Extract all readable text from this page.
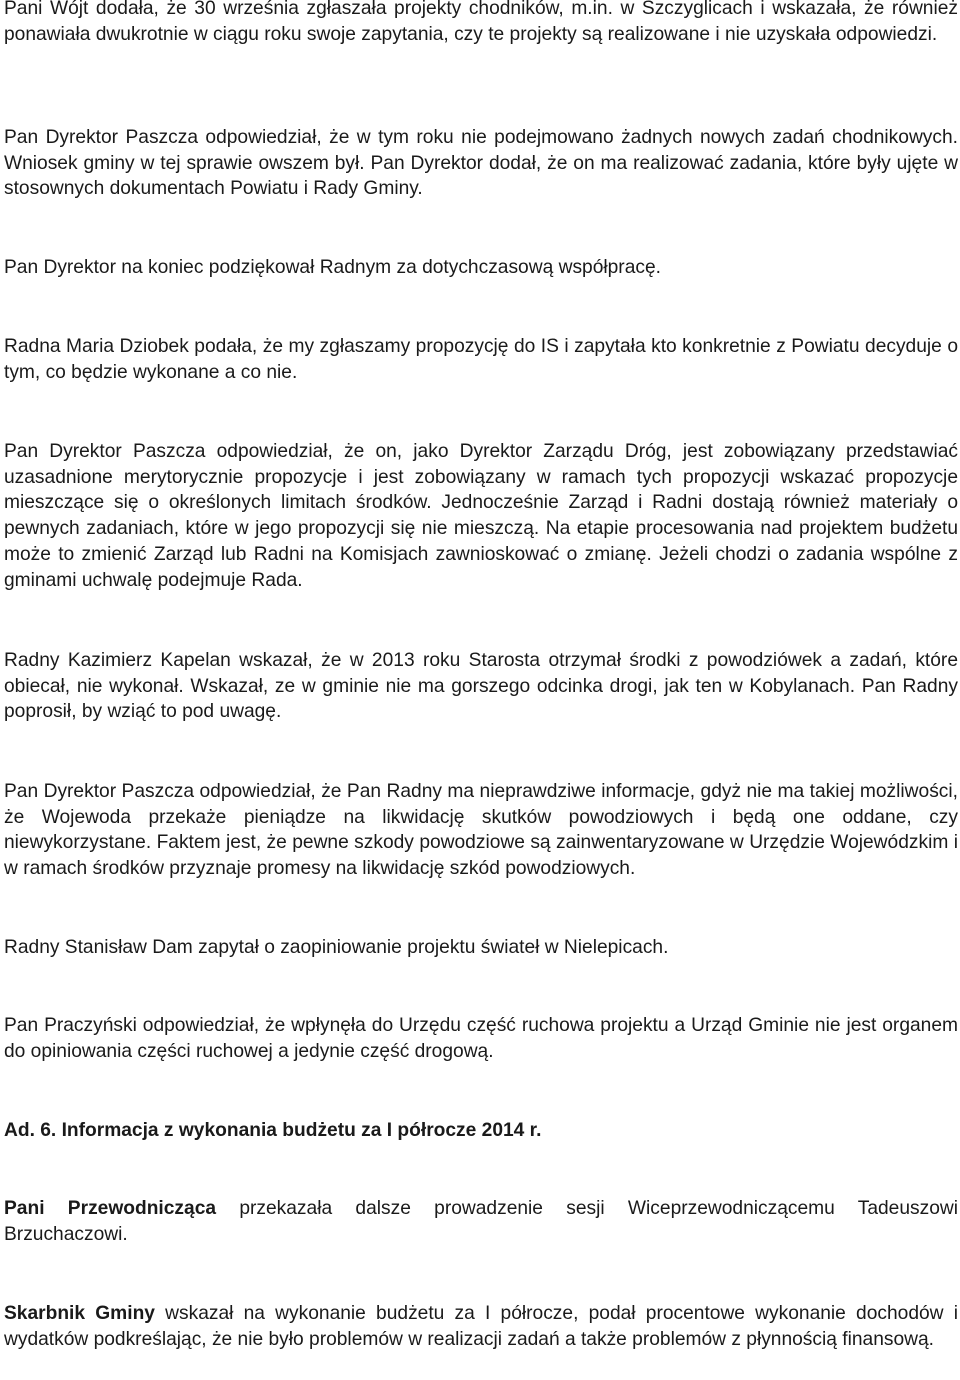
Pani Wójt dodała, że 30 września zgłaszała projekty chodników, m.in. w Szczyglicach i wskazała, że również ponawiała dwukrotnie w ciągu roku swoje zapytania, czy te projekty są realizowane i nie uzyskała odpowiedzi.

Pan Dyrektor Paszcza odpowiedział, że w tym roku nie podejmowano żadnych nowych zadań chodnikowych. Wniosek gminy w tej sprawie owszem był. Pan Dyrektor dodał, że on ma realizować zadania, które były ujęte w stosownych dokumentach Powiatu i Rady Gminy.

Pan Dyrektor na koniec podziękował Radnym za dotychczasową współpracę.

Radna Maria Dziobek podała, że my zgłaszamy propozycję do IS i zapytała kto konkretnie z Powiatu decyduje o tym, co będzie wykonane a co nie.

Pan Dyrektor Paszcza odpowiedział, że on, jako Dyrektor Zarządu Dróg, jest zobowiązany przedstawiać uzasadnione merytorycznie propozycje i jest zobowiązany w ramach tych propozycji wskazać propozycje mieszczące się o określonych limitach środków. Jednocześnie Zarząd i Radni dostają również materiały o pewnych zadaniach, które w jego propozycji się nie mieszczą. Na etapie procesowania nad projektem budżetu może to zmienić Zarząd lub Radni na Komisjach zawnioskować o zmianę. Jeżeli chodzi o zadania wspólne z gminami uchwalę podejmuje Rada.

Radny Kazimierz Kapelan wskazał, że w 2013 roku Starosta otrzymał środki z powodziówek a zadań, które obiecał, nie wykonał. Wskazał, ze w gminie nie ma gorszego odcinka drogi, jak ten w Kobylanach. Pan Radny poprosił, by wziąć to pod uwagę.

Pan Dyrektor Paszcza odpowiedział, że Pan Radny ma nieprawdziwe informacje, gdyż nie ma takiej możliwości, że Wojewoda przekaże pieniądze na likwidację skutków powodziowych i będą one oddane, czy niewykorzystane. Faktem jest, że pewne szkody powodziowe są zainwentaryzowane w Urzędzie Wojewódzkim i w ramach środków przyznaje promesy na likwidację szkód powodziowych.

Radny Stanisław Dam zapytał o zaopiniowanie projektu świateł w Nielepicach.

Pan Praczyński odpowiedział, że wpłynęła do Urzędu część ruchowa projektu a Urząd Gminie nie jest organem do opiniowania części ruchowej a jedynie część drogową.

Ad. 6. Informacja z wykonania budżetu za I półrocze 2014 r.

Pani Przewodnicząca przekazała dalsze prowadzenie sesji Wiceprzewodniczącemu Tadeuszowi Brzuchaczowi.

Skarbnik Gminy wskazał na wykonanie budżetu za I półrocze, podał procentowe wykonanie dochodów i wydatków podkreślając, że nie było problemów w realizacji zadań a także problemów z płynnością finansową.
